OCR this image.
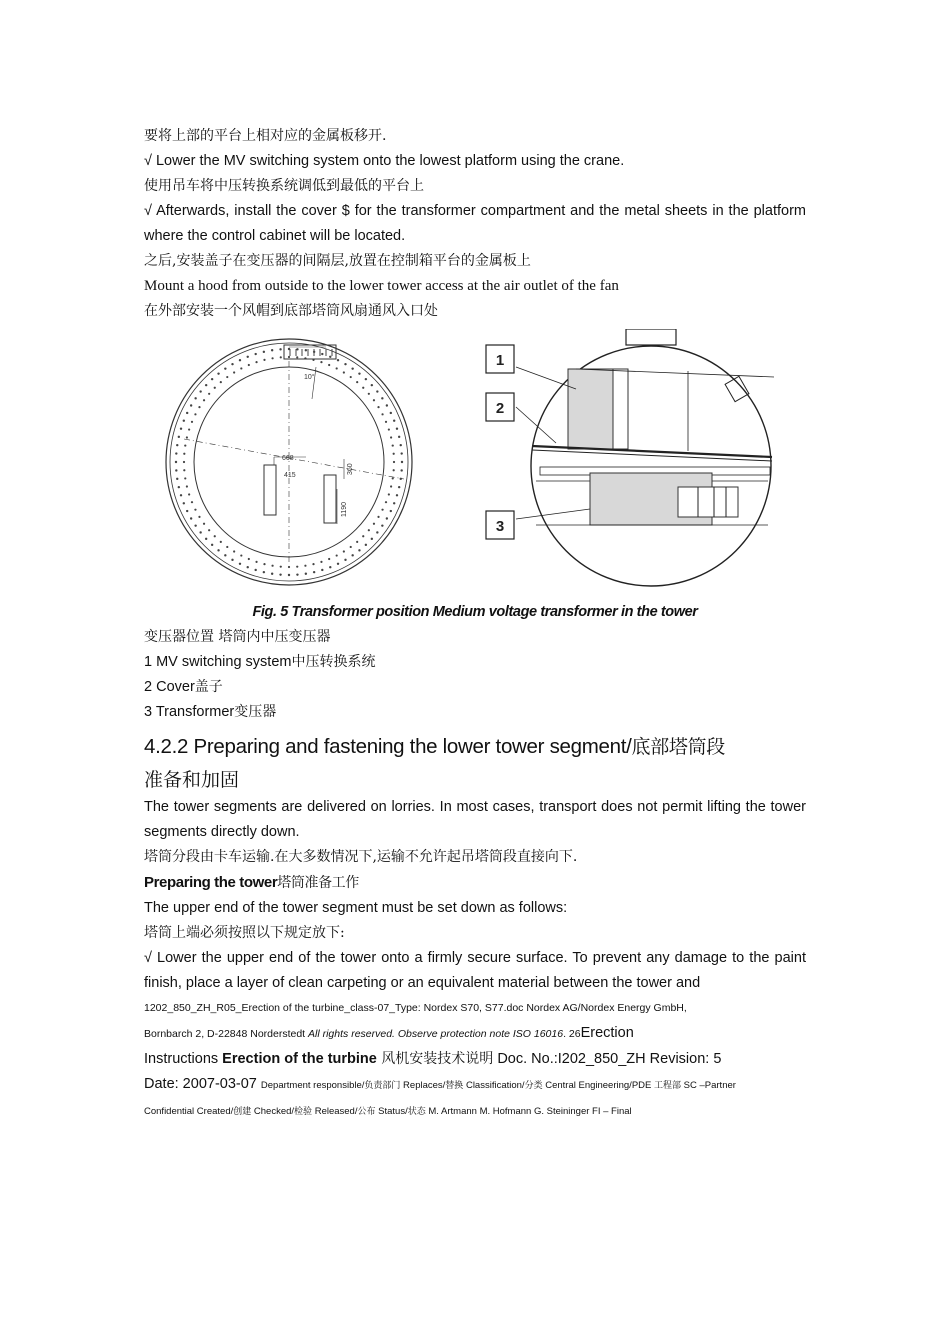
要将上部的平台上相对应的金属板移开.

√ Lower the MV switching system onto the lowest platform using the crane.

使用吊车将中压转换系统调低到最低的平台上

√ Afterwards, install the cover $ for the transformer compartment and the metal sheets in the platform where the control cabinet will be located.

之后,安装盖子在变压器的间隔层,放置在控制箱平台的金属板上

Mount a hood from outside to the lower tower access at the air outlet of the fan

在外部安装一个风帽到底部塔筒风扇通风入口处

10°
668
415
360
1190
1
2
3
Fig. 5 Transformer position Medium voltage transformer in the tower

变压器位置 塔筒内中压变压器

1 MV switching system中压转换系统

2 Cover盖子

3 Transformer变压器

4.2.2 Preparing and fastening the lower tower segment/底部塔筒段

准备和加固

The tower segments are delivered on lorries. In most cases, transport does not permit lifting the tower segments directly down.

塔筒分段由卡车运输.在大多数情况下,运输不允许起吊塔筒段直接向下.

Preparing the tower塔筒准备工作

The upper end of the tower segment must be set down as follows:

塔筒上端必须按照以下规定放下:

√ Lower the upper end of the tower onto a firmly secure surface. To prevent any damage to the paint finish, place a layer of clean carpeting or an equivalent material between the tower and

1202_850_ZH_R05_Erection of the turbine_class-07_Type: Nordex S70, S77.doc Nordex AG/Nordex Energy GmbH,

Bornbarch 2, D-22848 Norderstedt All rights reserved. Observe protection note ISO 16016. 26Erection

Instructions Erection of the turbine 风机安装技术说明 Doc. No.:I202_850_ZH Revision: 5

Date: 2007-03-07 Department responsible/负责部门 Replaces/替换 Classification/分类 Central Engineering/PDE 工程部 SC –Partner

Confidential Created/创建 Checked/检验 Released/公布 Status/状态 M. Artmann M. Hofmann G. Steininger FI – Final
